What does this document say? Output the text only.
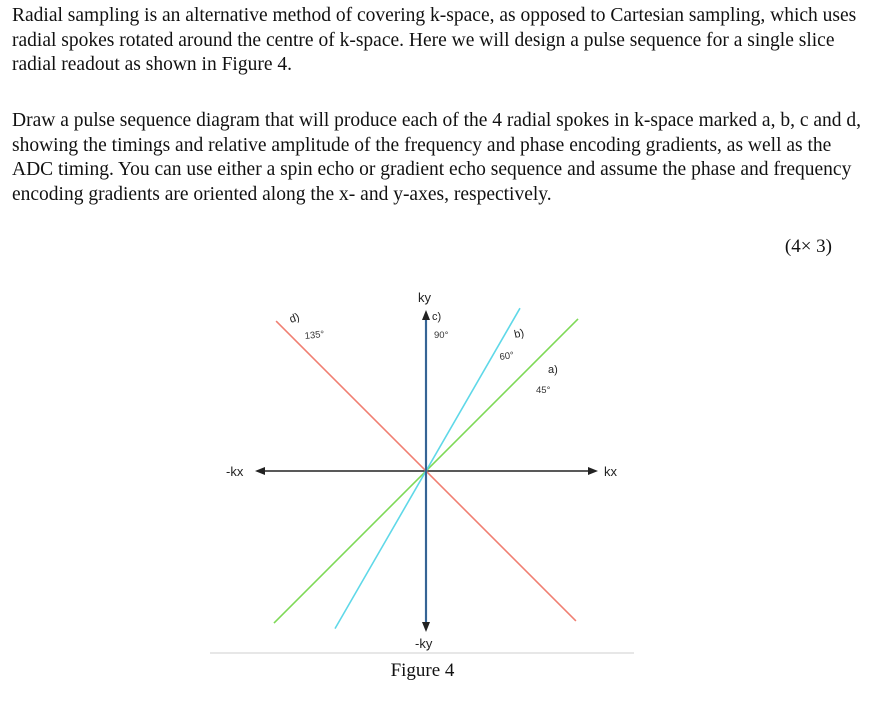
Radial sampling is an alternative method of covering k-space, as opposed to Cartesian sampling, which uses radial spokes rotated around the centre of k-space. Here we will design a pulse sequence for a single slice radial readout as shown in Figure 4.
Draw a pulse sequence diagram that will produce each of the 4 radial spokes in k-space marked a, b, c and d, showing the timings and relative amplitude of the frequency and phase encoding gradients, as well as the ADC timing. You can use either a spin echo or gradient echo sequence and assume the phase and frequency encoding gradients are oriented along the x- and y-axes, respectively.
(4× 3)
kx
-kx
ky
-ky
a)
45°
b)
60°
c)
90°
d)
135°
Figure 4
